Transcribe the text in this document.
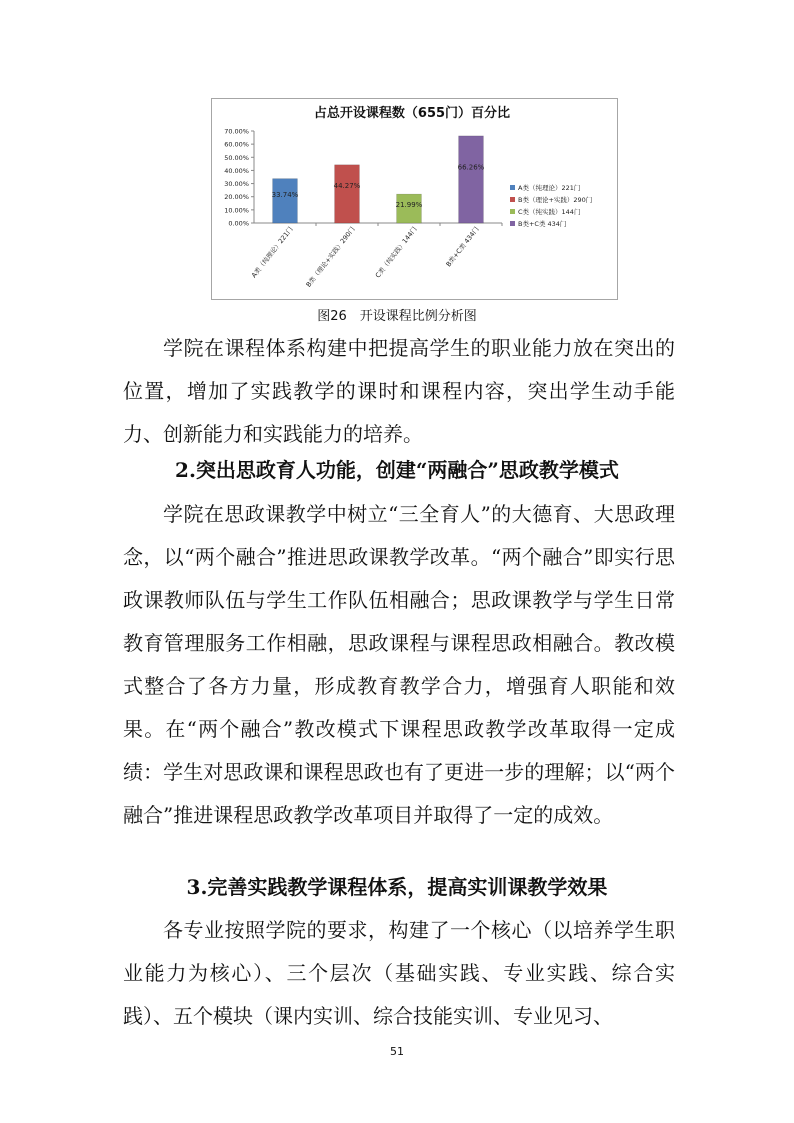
占总开设课程数（655门）百分比
0.00%
10.00%
20.00%
30.00%
40.00%
50.00%
60.00%
70.00%
33.74%
A类（纯理论）221门
44.27%
B类（理论+实践）290门
21.99%
C类（纯实践）144门
66.26%
B类+C类 434门
A类（纯理论）221门
B类（理论+实践）290门
C类（纯实践）144门
B类+C类 434门
图26　开设课程比例分析图

学院在课程体系构建中把提高学生的职业能力放在突出的位置，增加了实践教学的课时和课程内容，突出学生动手能力、创新能力和实践能力的培养。

2.突出思政育人功能，创建“两融合”思政教学模式

学院在思政课教学中树立“三全育人”的大德育、大思政理念，以“两个融合”推进思政课教学改革。“两个融合”即实行思政课教师队伍与学生工作队伍相融合；思政课教学与学生日常教育管理服务工作相融，思政课程与课程思政相融合。教改模式整合了各方力量，形成教育教学合力，增强育人职能和效果。在“两个融合”教改模式下课程思政教学改革取得一定成绩：学生对思政课和课程思政也有了更进一步的理解；以“两个融合”推进课程思政教学改革项目并取得了一定的成效。

3.完善实践教学课程体系，提高实训课教学效果

各专业按照学院的要求，构建了一个核心（以培养学生职业能力为核心）、三个层次（基础实践、专业实践、综合实践）、五个模块（课内实训、综合技能实训、专业见习、

51
